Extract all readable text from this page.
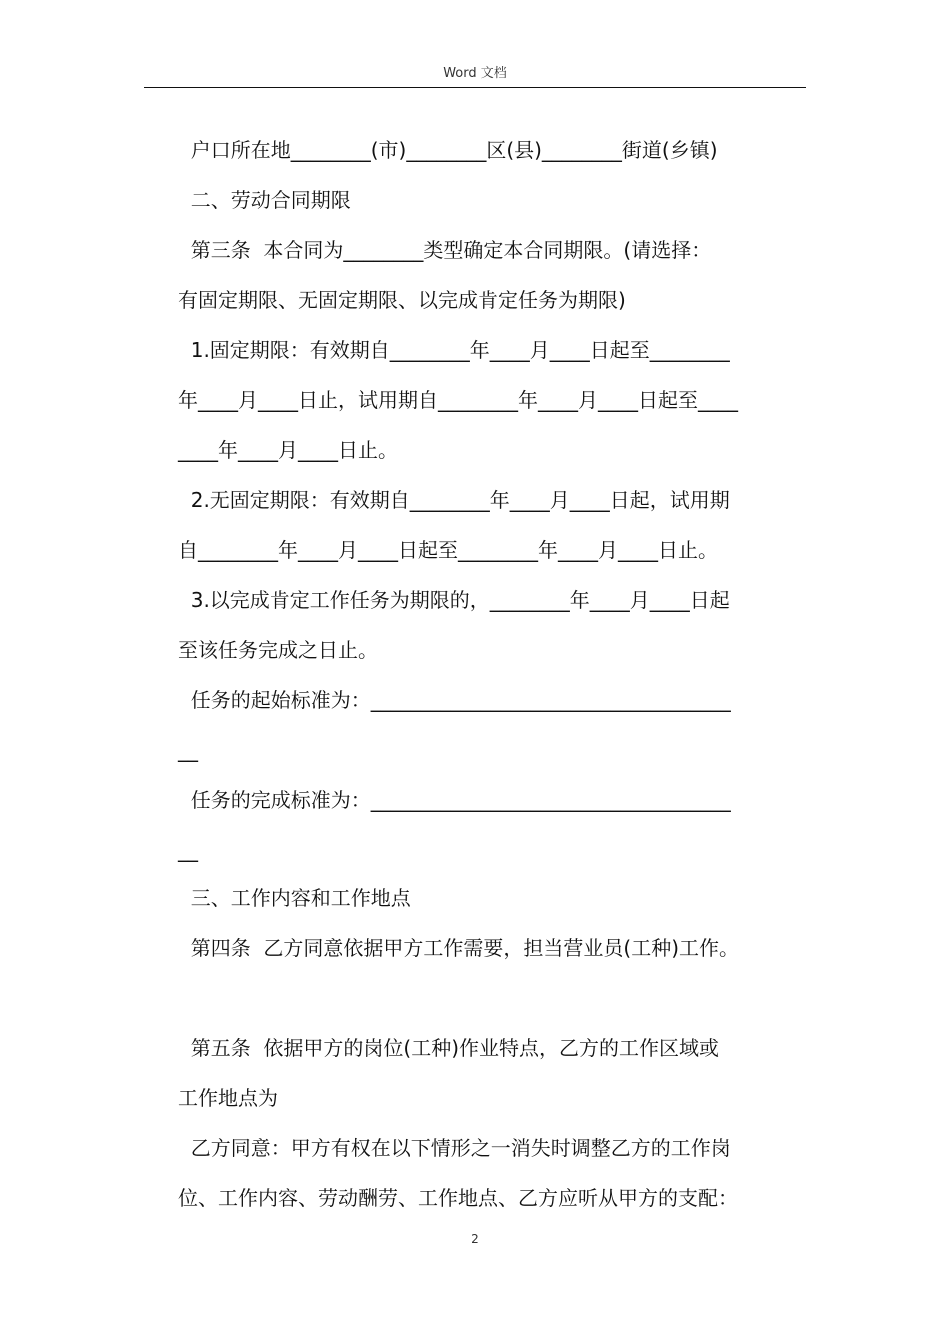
Word 文档
户口所在地________(市)________区(县)________街道(乡镇)
二、劳动合同期限
第三条  本合同为________类型确定本合同期限。(请选择：
有固定期限、无固定期限、以完成肯定任务为期限)
1.固定期限：有效期自________年____月____日起至________
年____月____日止，试用期自________年____月____日起至____
____年____月____日止。
2.无固定期限：有效期自________年____月____日起，试用期
自________年____月____日起至________年____月____日止。
3.以完成肯定工作任务为期限的，________年____月____日起
至该任务完成之日止。
任务的起始标准为：____________________________________
__
任务的完成标准为：____________________________________
__
三、工作内容和工作地点
第四条  乙方同意依据甲方工作需要，担当营业员(工种)工作。
第五条  依据甲方的岗位(工种)作业特点，乙方的工作区域或
工作地点为
乙方同意：甲方有权在以下情形之一消失时调整乙方的工作岗
位、工作内容、劳动酬劳、工作地点、乙方应听从甲方的支配：
2
